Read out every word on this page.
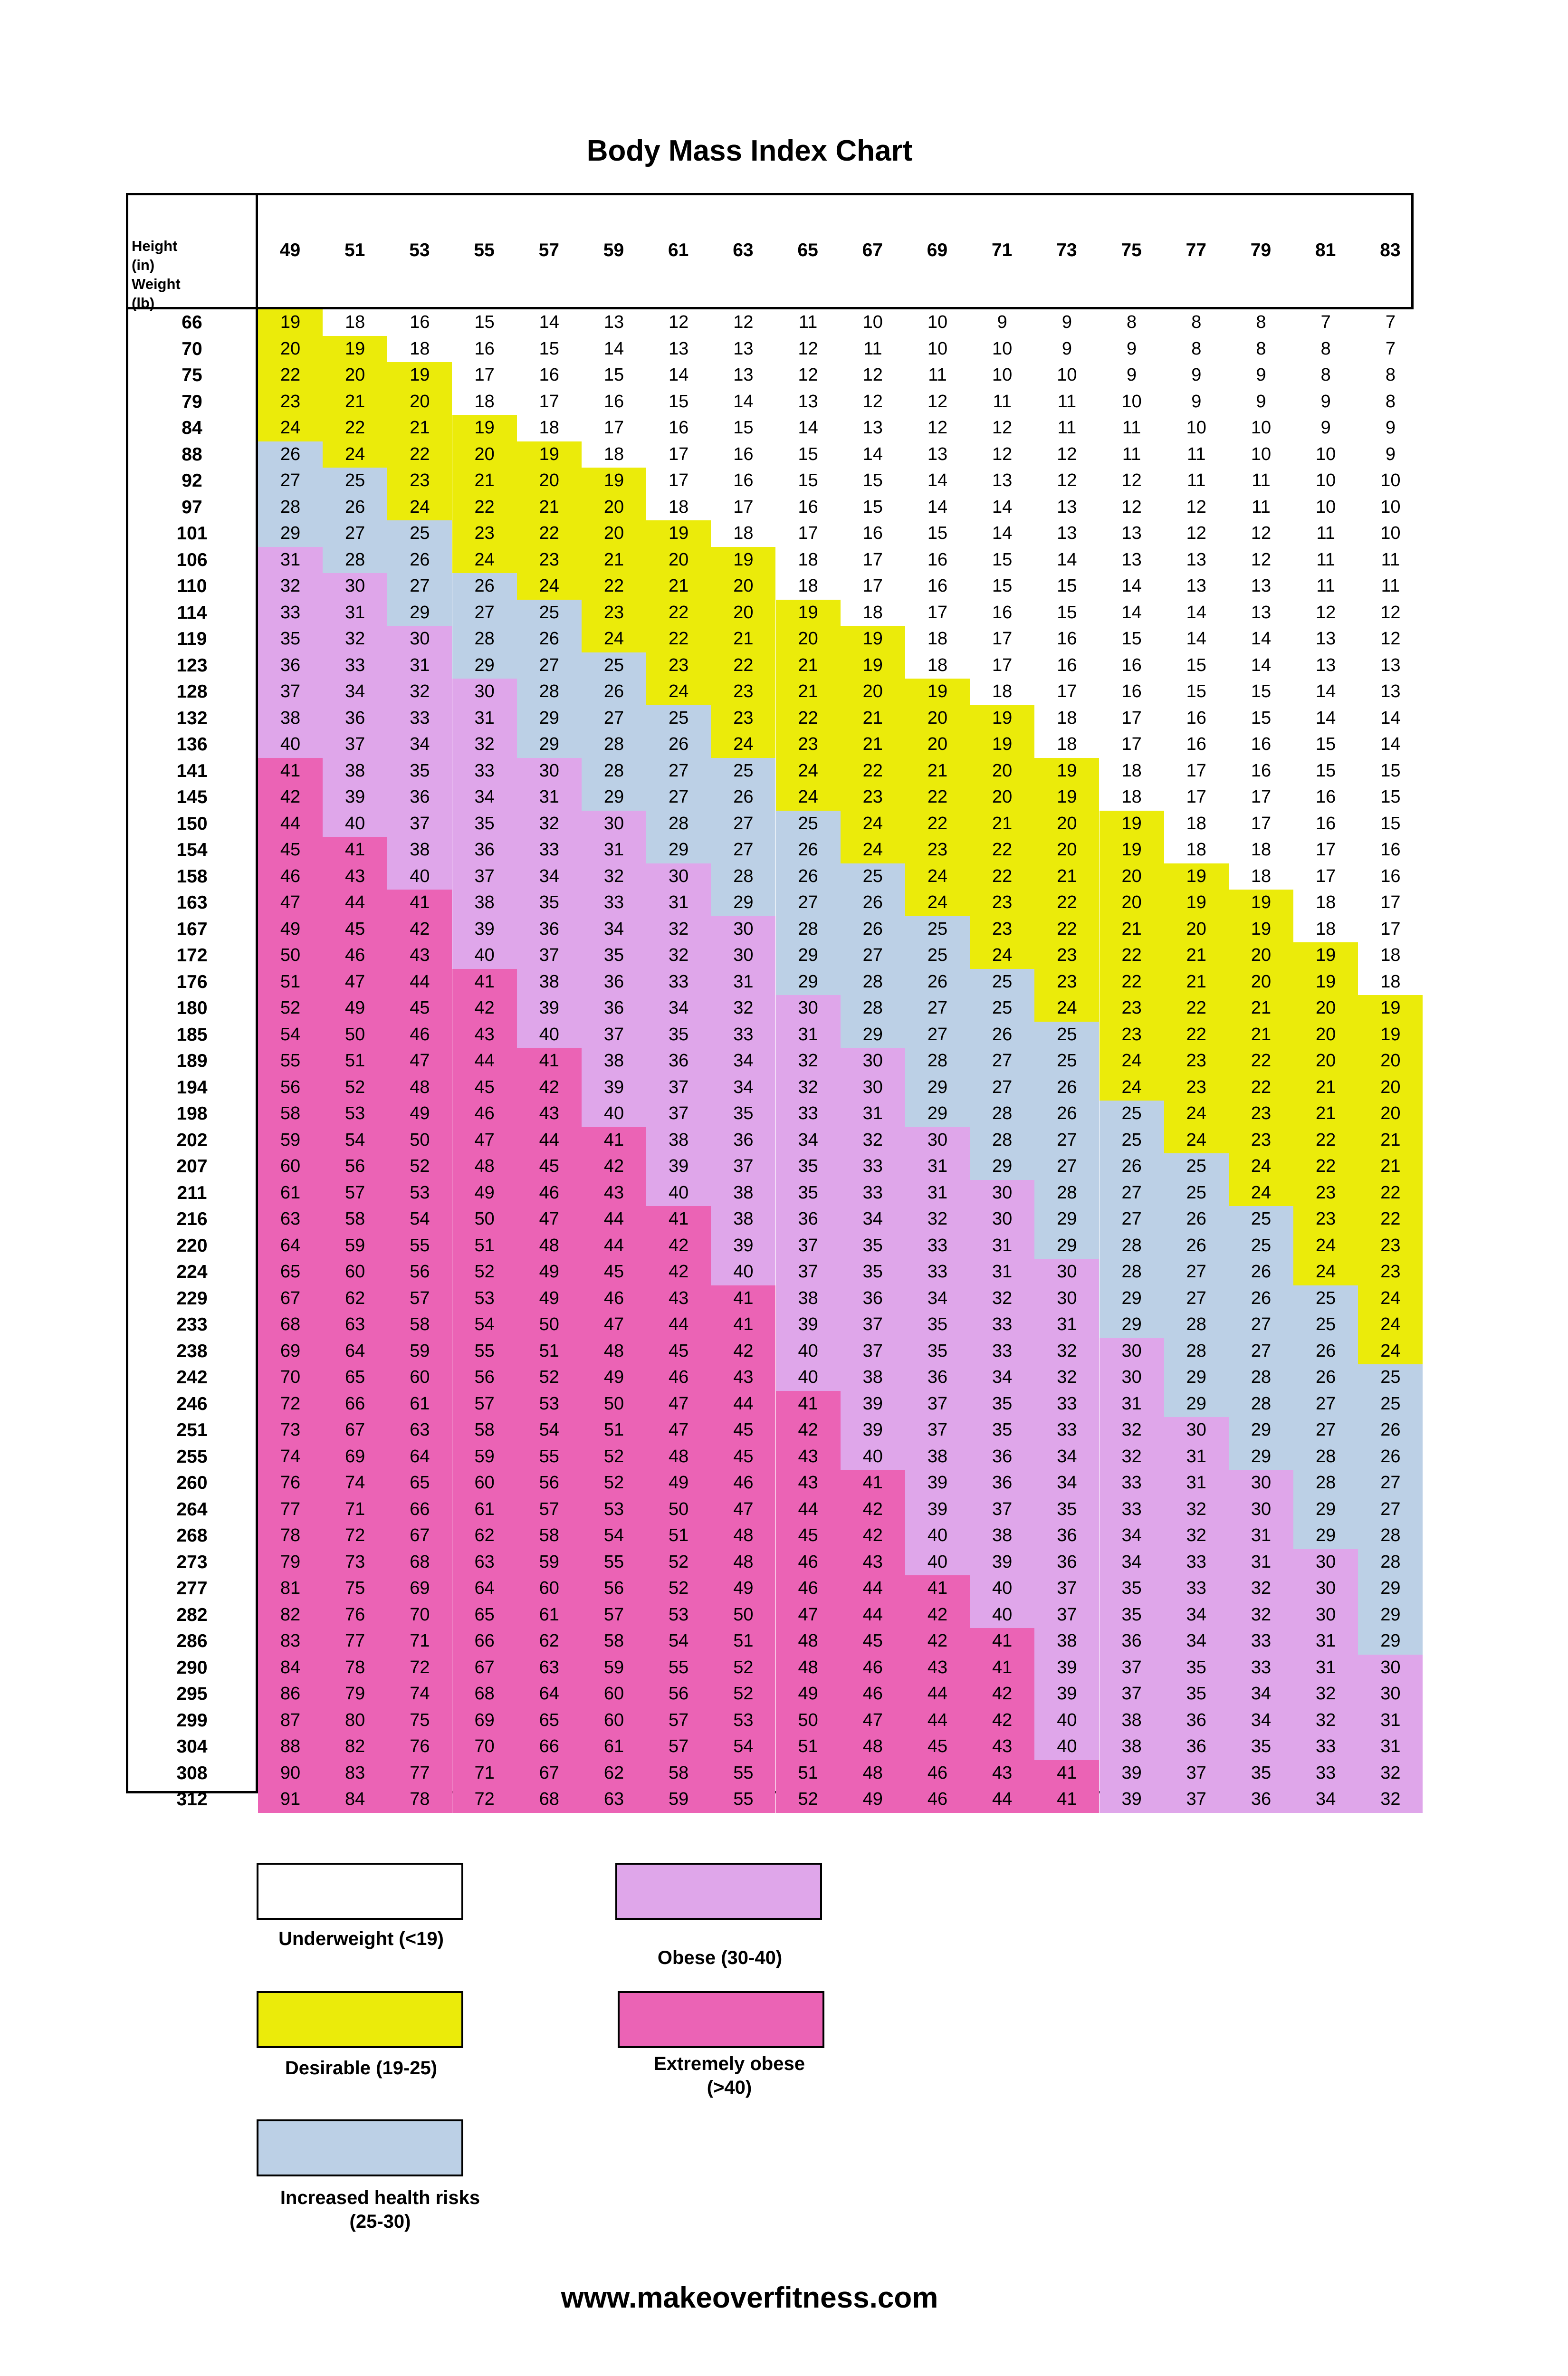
Body Mass Index Chart
Height (in)
Weight (lb)
49	51	53	55	57	59	61	63	65	67	69	71	73	75	77	79	81	83
66	19	18	16	15	14	13	12	12	11	10	10	9	9	8	8	8	7	7
70	20	19	18	16	15	14	13	13	12	11	10	10	9	9	8	8	8	7
75	22	20	19	17	16	15	14	13	12	12	11	10	10	9	9	9	8	8
79	23	21	20	18	17	16	15	14	13	12	12	11	11	10	9	9	9	8
84	24	22	21	19	18	17	16	15	14	13	12	12	11	11	10	10	9	9
88	26	24	22	20	19	18	17	16	15	14	13	12	12	11	11	10	10	9
92	27	25	23	21	20	19	17	16	15	15	14	13	12	12	11	11	10	10
97	28	26	24	22	21	20	18	17	16	15	14	14	13	12	12	11	10	10
101	29	27	25	23	22	20	19	18	17	16	15	14	13	13	12	12	11	10
106	31	28	26	24	23	21	20	19	18	17	16	15	14	13	13	12	11	11
110	32	30	27	26	24	22	21	20	18	17	16	15	15	14	13	13	11	11
114	33	31	29	27	25	23	22	20	19	18	17	16	15	14	14	13	12	12
119	35	32	30	28	26	24	22	21	20	19	18	17	16	15	14	14	13	12
123	36	33	31	29	27	25	23	22	21	19	18	17	16	16	15	14	13	13
128	37	34	32	30	28	26	24	23	21	20	19	18	17	16	15	15	14	13
132	38	36	33	31	29	27	25	23	22	21	20	19	18	17	16	15	14	14
136	40	37	34	32	29	28	26	24	23	21	20	19	18	17	16	16	15	14
141	41	38	35	33	30	28	27	25	24	22	21	20	19	18	17	16	15	15
145	42	39	36	34	31	29	27	26	24	23	22	20	19	18	17	17	16	15
150	44	40	37	35	32	30	28	27	25	24	22	21	20	19	18	17	16	15
154	45	41	38	36	33	31	29	27	26	24	23	22	20	19	18	18	17	16
158	46	43	40	37	34	32	30	28	26	25	24	22	21	20	19	18	17	16
163	47	44	41	38	35	33	31	29	27	26	24	23	22	20	19	19	18	17
167	49	45	42	39	36	34	32	30	28	26	25	23	22	21	20	19	18	17
172	50	46	43	40	37	35	32	30	29	27	25	24	23	22	21	20	19	18
176	51	47	44	41	38	36	33	31	29	28	26	25	23	22	21	20	19	18
180	52	49	45	42	39	36	34	32	30	28	27	25	24	23	22	21	20	19
185	54	50	46	43	40	37	35	33	31	29	27	26	25	23	22	21	20	19
189	55	51	47	44	41	38	36	34	32	30	28	27	25	24	23	22	20	20
194	56	52	48	45	42	39	37	34	32	30	29	27	26	24	23	22	21	20
198	58	53	49	46	43	40	37	35	33	31	29	28	26	25	24	23	21	20
202	59	54	50	47	44	41	38	36	34	32	30	28	27	25	24	23	22	21
207	60	56	52	48	45	42	39	37	35	33	31	29	27	26	25	24	22	21
211	61	57	53	49	46	43	40	38	35	33	31	30	28	27	25	24	23	22
216	63	58	54	50	47	44	41	38	36	34	32	30	29	27	26	25	23	22
220	64	59	55	51	48	44	42	39	37	35	33	31	29	28	26	25	24	23
224	65	60	56	52	49	45	42	40	37	35	33	31	30	28	27	26	24	23
229	67	62	57	53	49	46	43	41	38	36	34	32	30	29	27	26	25	24
233	68	63	58	54	50	47	44	41	39	37	35	33	31	29	28	27	25	24
238	69	64	59	55	51	48	45	42	40	37	35	33	32	30	28	27	26	24
242	70	65	60	56	52	49	46	43	40	38	36	34	32	30	29	28	26	25
246	72	66	61	57	53	50	47	44	41	39	37	35	33	31	29	28	27	25
251	73	67	63	58	54	51	47	45	42	39	37	35	33	32	30	29	27	26
255	74	69	64	59	55	52	48	45	43	40	38	36	34	32	31	29	28	26
260	76	74	65	60	56	52	49	46	43	41	39	36	34	33	31	30	28	27
264	77	71	66	61	57	53	50	47	44	42	39	37	35	33	32	30	29	27
268	78	72	67	62	58	54	51	48	45	42	40	38	36	34	32	31	29	28
273	79	73	68	63	59	55	52	48	46	43	40	39	36	34	33	31	30	28
277	81	75	69	64	60	56	52	49	46	44	41	40	37	35	33	32	30	29
282	82	76	70	65	61	57	53	50	47	44	42	40	37	35	34	32	30	29
286	83	77	71	66	62	58	54	51	48	45	42	41	38	36	34	33	31	29
290	84	78	72	67	63	59	55	52	48	46	43	41	39	37	35	33	31	30
295	86	79	74	68	64	60	56	52	49	46	44	42	39	37	35	34	32	30
299	87	80	75	69	65	60	57	53	50	47	44	42	40	38	36	34	32	31
304	88	82	76	70	66	61	57	54	51	48	45	43	40	38	36	35	33	31
308	90	83	77	71	67	62	58	55	51	48	46	43	41	39	37	35	33	32
312	91	84	78	72	68	63	59	55	52	49	46	44	41	39	37	36	34	32
Underweight (<19)
Desirable (19-25)
Increased health risks
(25-30)
Obese (30-40)
Extremely obese
(>40)
www.makeoverfitness.com
